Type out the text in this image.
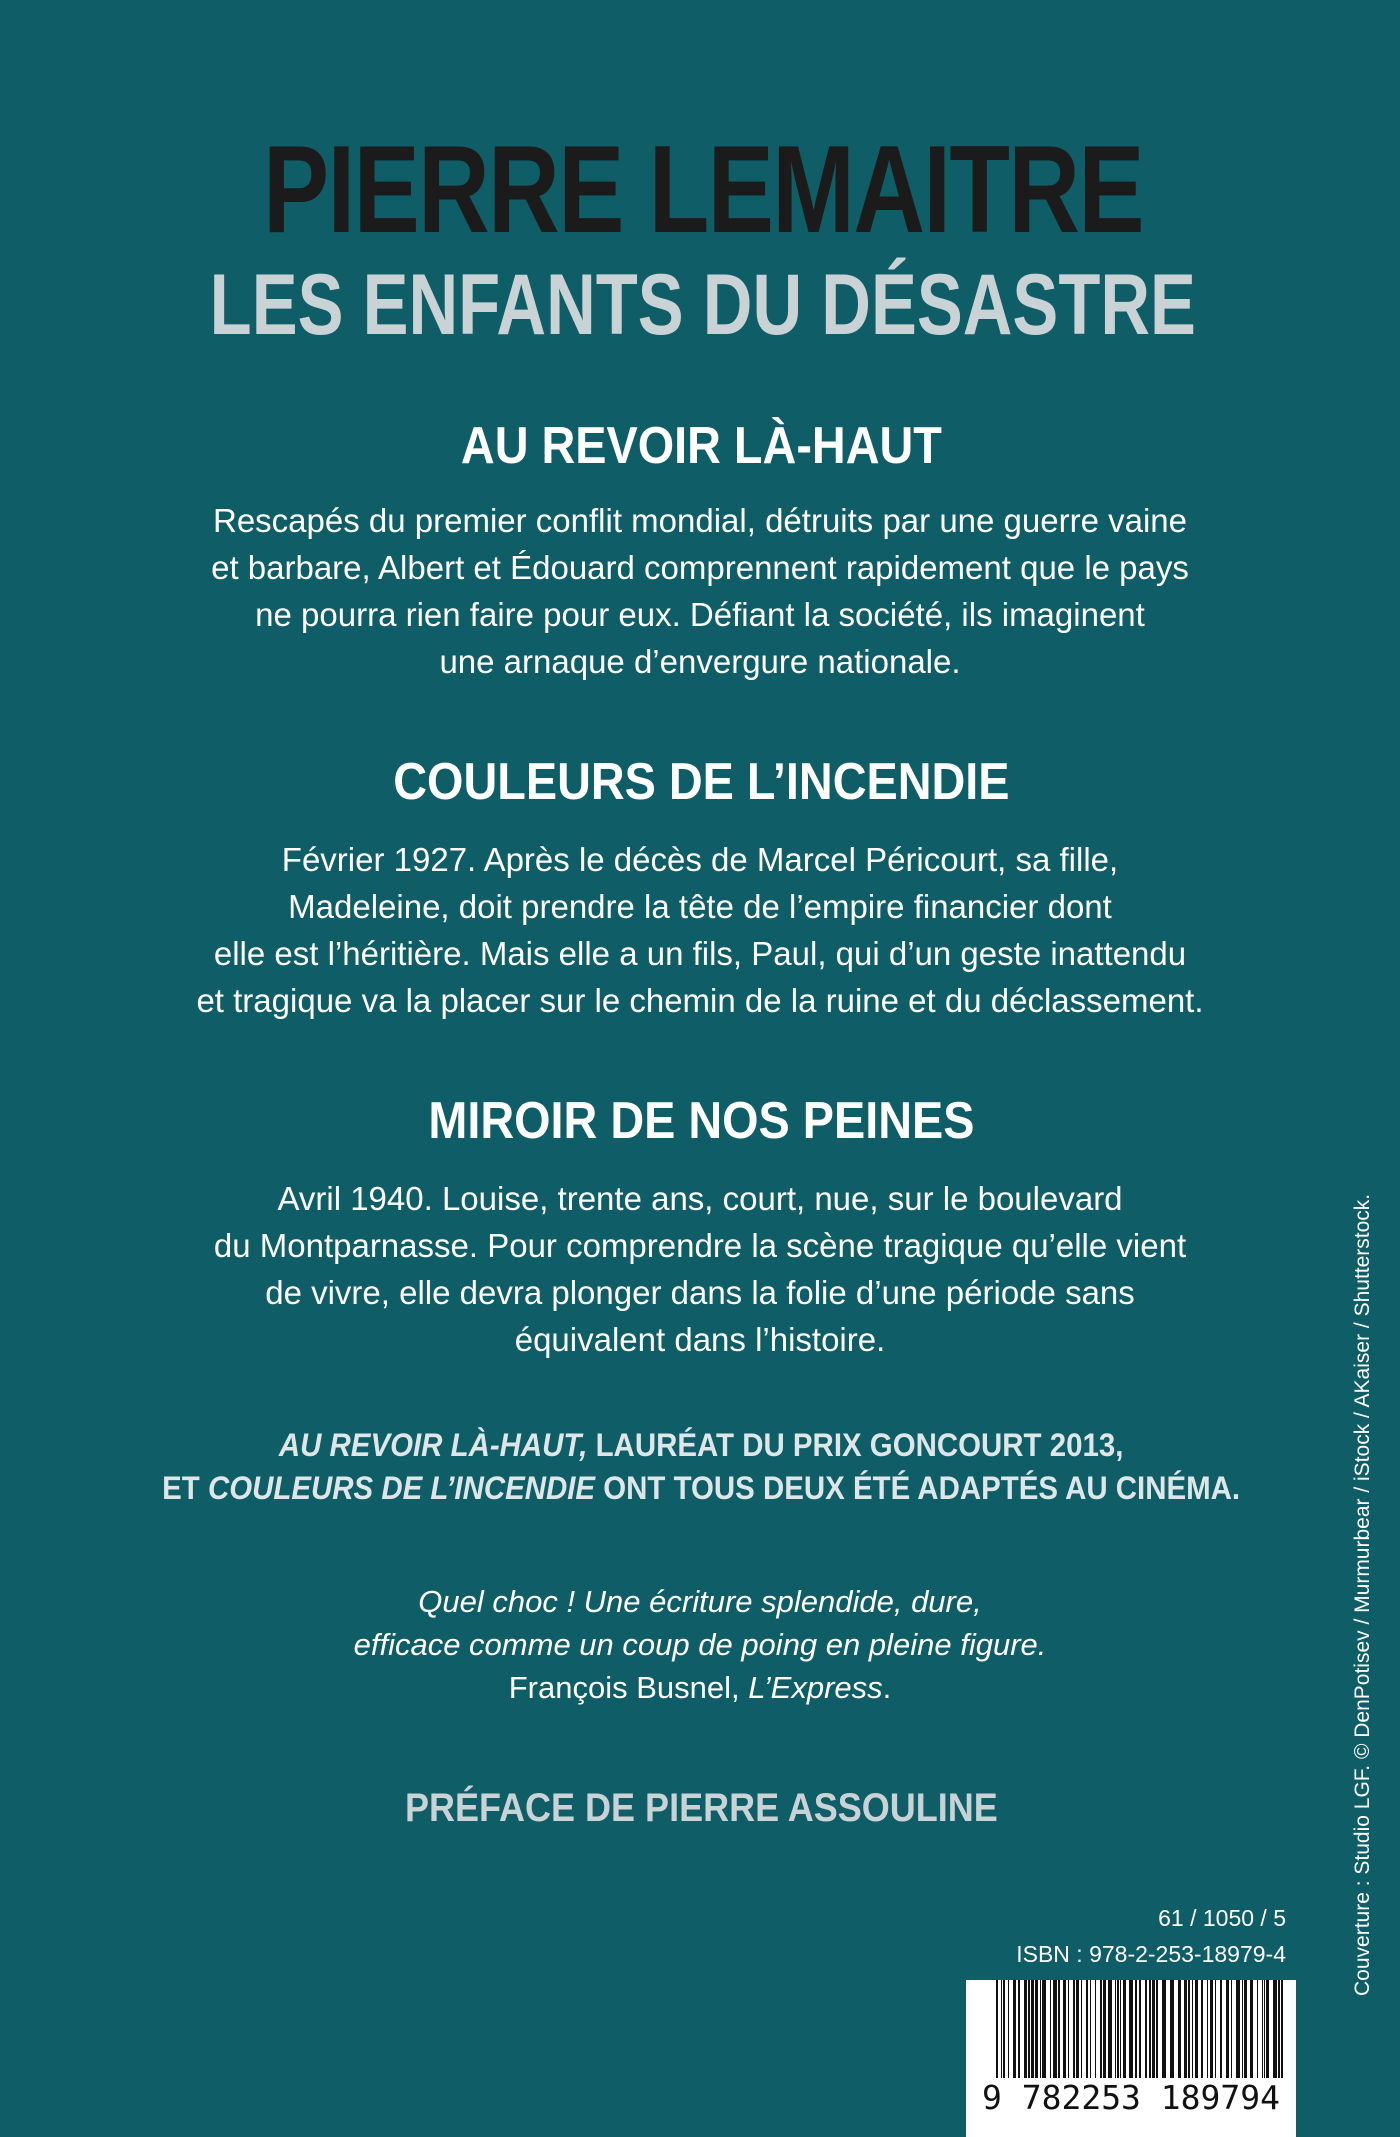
PIERRE LEMAITRE
LES ENFANTS DU DÉSASTRE
AU REVOIR LÀ-HAUT
Rescapés du premier conflit mondial, détruits par une guerre vaine
et barbare, Albert et Édouard comprennent rapidement que le pays
ne pourra rien faire pour eux. Défiant la société, ils imaginent
une arnaque d’envergure nationale.
COULEURS DE L’INCENDIE
Février 1927. Après le décès de Marcel Péricourt, sa fille,
Madeleine, doit prendre la tête de l’empire financier dont
elle est l’héritière. Mais elle a un fils, Paul, qui d’un geste inattendu
et tragique va la placer sur le chemin de la ruine et du déclassement.
MIROIR DE NOS PEINES
Avril 1940. Louise, trente ans, court, nue, sur le boulevard
du Montparnasse. Pour comprendre la scène tragique qu’elle vient
de vivre, elle devra plonger dans la folie d’une période sans
équivalent dans l’histoire.
AU REVOIR LÀ-HAUT, LAURÉAT DU PRIX GONCOURT 2013,
ET COULEURS DE L’INCENDIE ONT TOUS DEUX ÉTÉ ADAPTÉS AU CINÉMA.
Quel choc ! Une écriture splendide, dure,
efficace comme un coup de poing en pleine figure.
François Busnel, L’Express.
PRÉFACE DE PIERRE ASSOULINE
61 / 1050 / 5
ISBN : 978-2-253-18979-4
9 782253 189794
Couverture : Studio LGF. © DenPotisev / Murmurbear / iStock / AKaiser / Shutterstock.
